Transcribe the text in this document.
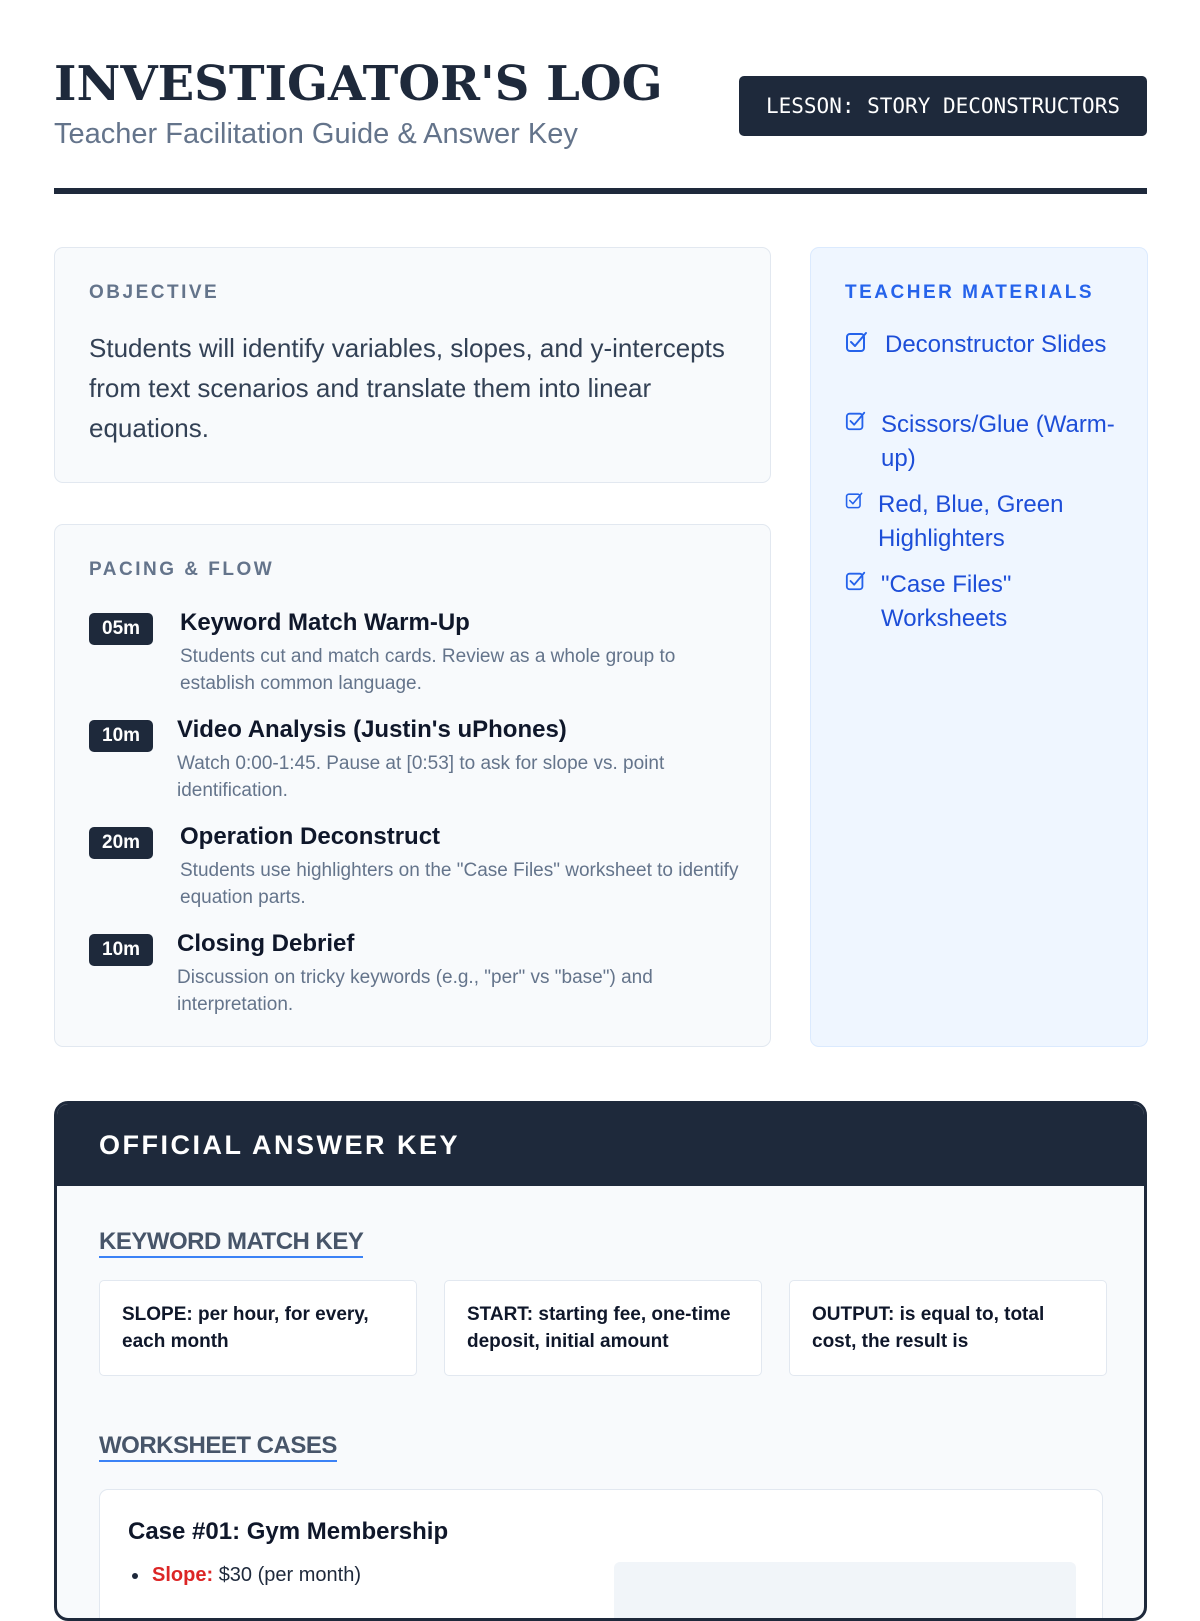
INVESTIGATOR'S LOG
Teacher Facilitation Guide & Answer Key
LESSON: STORY DECONSTRUCTORS
OBJECTIVE
Students will identify variables, slopes, and y-intercepts from text scenarios and translate them into linear equations.
PACING & FLOW
05m	Keyword Match Warm-Up
Students cut and match cards. Review as a whole group to establish common language.
10m	Video Analysis (Justin's uPhones)
Watch 0:00-1:45. Pause at [0:53] to ask for slope vs. point identification.
20m	Operation Deconstruct
Students use highlighters on the "Case Files" worksheet to identify equation parts.
10m	Closing Debrief
Discussion on tricky keywords (e.g., "per" vs "base") and interpretation.
TEACHER MATERIALS
Deconstructor Slides
Scissors/Glue (Warm-up)
Red, Blue, Green Highlighters
"Case Files" Worksheets
OFFICIAL ANSWER KEY
KEYWORD MATCH KEY
SLOPE: per hour, for every, each month
START: starting fee, one-time deposit, initial amount
OUTPUT: is equal to, total cost, the result is
WORKSHEET CASES
Case #01: Gym Membership
Slope: $30 (per month)
